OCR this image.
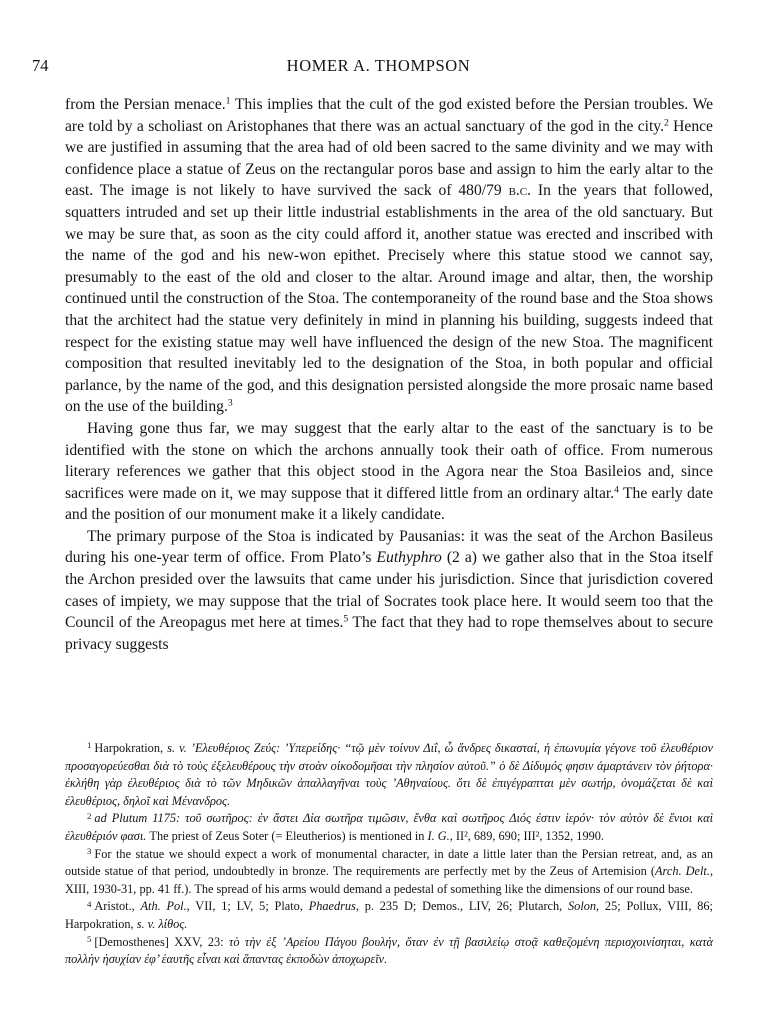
74	HOMER A. THOMPSON

from the Persian menace.$^1$ This implies that the cult of the god existed before the Persian troubles. We are told by a scholiast on Aristophanes that there was an actual sanctuary of the god in the city.$^2$ Hence we are justified in assuming that the area had of old been sacred to the same divinity and we may with confidence place a statue of Zeus on the rectangular poros base and assign to him the early altar to the east. The image is not likely to have survived the sack of 480/79 b.c. In the years that followed, squatters intruded and set up their little industrial establishments in the area of the old sanctuary. But we may be sure that, as soon as the city could afford it, another statue was erected and inscribed with the name of the god and his new-won epithet. Precisely where this statue stood we cannot say, presumably to the east of the old and closer to the altar. Around image and altar, then, the worship continued until the construction of the Stoa. The contemporaneity of the round base and the Stoa shows that the architect had the statue very definitely in mind in planning his building, suggests indeed that respect for the existing statue may well have influenced the design of the new Stoa. The magnificent composition that resulted inevitably led to the designation of the Stoa, in both popular and official parlance, by the name of the god, and this designation persisted alongside the more prosaic name based on the use of the building.$^3$

Having gone thus far, we may suggest that the early altar to the east of the sanctuary is to be identified with the stone on which the archons annually took their oath of office. From numerous literary references we gather that this object stood in the Agora near the Stoa Basileios and, since sacrifices were made on it, we may suppose that it differed little from an ordinary altar.$^4$ The early date and the position of our monument make it a likely candidate.

The primary purpose of the Stoa is indicated by Pausanias: it was the seat of the Archon Basileus during his one-year term of office. From Plato’s Euthyphro (2 a) we gather also that in the Stoa itself the Archon presided over the lawsuits that came under his jurisdiction. Since that jurisdiction covered cases of impiety, we may suppose that the trial of Socrates took place here. It would seem too that the Council of the Areopagus met here at times.$^5$ The fact that they had to rope themselves about to secure privacy suggests

$^1$ Harpokration, s. v. ’Ελευθέριος Ζεύς: ’Υπερείδης· “τῷ μὲν τοίνυν Διΐ, ὦ ἄνδρες δικασταί, ἡ ἐπωνυμία γέγονε τοῦ ἐλευθέριον προσαγορεύεσθαι διὰ τὸ τοὺς ἐξελευθέρους τὴν στοὰν οἰκοδομῆσαι τὴν πλησίον αὐτοῦ.” ὁ δὲ Δίδυμός φησιν ἁμαρτάνειν τὸν ῥήτορα· ἐκλήθη γὰρ ἐλευθέριος διὰ τὸ τῶν Μηδικῶν ἀπαλλαγῆναι τοὺς ’Αθηναίους. ὅτι δὲ ἐπιγέγραπται μὲν σωτήρ, ὀνομάζεται δὲ καὶ ἐλευθέριος, δηλοῖ καὶ Μένανδρος.

$^2$ ad Plutum 1175: τοῦ σωτῆρος: ἐν ἄστει Δία σωτῆρα τιμῶσιν, ἔνθα καὶ σωτῆρος Διός ἐστιν ἱερόν· τὸν αὐτὸν δὲ ἔνιοι καὶ ἐλευθέριόν φασι. The priest of Zeus Soter (= Eleutherios) is mentioned in I. G., II², 689, 690; III², 1352, 1990.

$^3$ For the statue we should expect a work of monumental character, in date a little later than the Persian retreat, and, as an outside statue of that period, undoubtedly in bronze. The requirements are perfectly met by the Zeus of Artemision (Arch. Delt., XIII, 1930-31, pp. 41 ff.). The spread of his arms would demand a pedestal of something like the dimensions of our round base.

$^4$ Aristot., Ath. Pol., VII, 1; LV, 5; Plato, Phaedrus, p. 235 D; Demos., LIV, 26; Plutarch, Solon, 25; Pollux, VIII, 86; Harpokration, s. v. λίθος.

$^5$ [Demosthenes] XXV, 23: τὸ τὴν ἐξ ’Αρείου Πάγου βουλήν, ὅταν ἐν τῇ βασιλείῳ στοᾷ καθεζομένη περισχοινίσηται, κατὰ πολλὴν ἡσυχίαν ἐφ’ ἑαυτῆς εἶναι καὶ ἅπαντας ἐκποδὼν ἀποχωρεῖν.
